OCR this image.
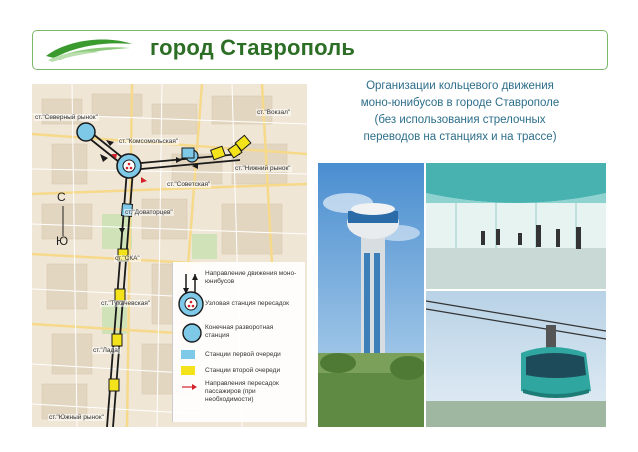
город Ставрополь
ст."Северный рынок"
ст."Вокзал"
ст."Комсомольская"
ст."Нижний рынок"
ст."Советская"
ст."Доваторцев"
ст."СКА"
ст."Тухачевская"
ст."Лада"
ст."Южный рынок"
С
Ю
Направление движения моно-юнибусов
Узловая станция пересадок
Конечная разворотная станция
Станции первой очереди
Станции второй очереди
Направления пересадок пассажиров (при необходимости)
Организации кольцевого движения
моно-юнибусов в городе Ставрополе
(без использования стрелочных
переводов на станциях и на трассе)
